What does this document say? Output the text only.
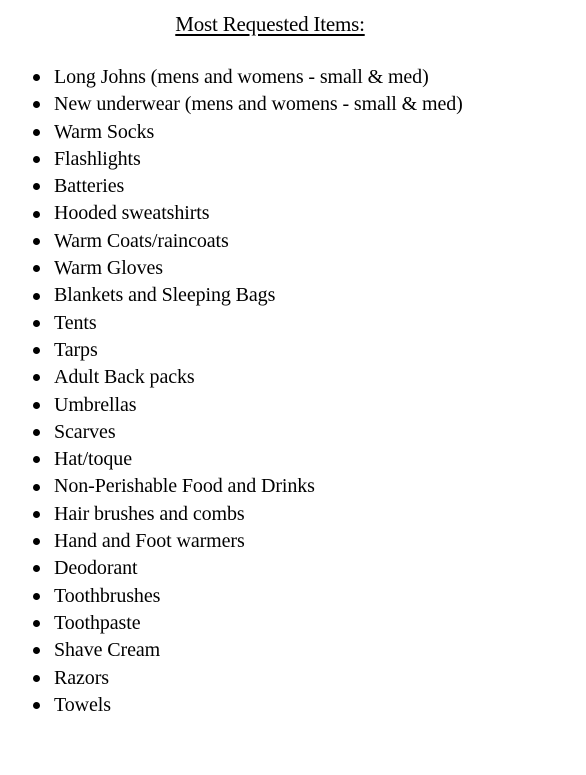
Most Requested Items:
Long Johns (mens and womens - small & med)
New underwear (mens and womens - small & med)
Warm Socks
Flashlights
Batteries
Hooded sweatshirts
Warm Coats/raincoats
Warm Gloves
Blankets and Sleeping Bags
Tents
Tarps
Adult Back packs
Umbrellas
Scarves
Hat/toque
Non-Perishable Food and Drinks
Hair brushes and combs
Hand and Foot warmers
Deodorant
Toothbrushes
Toothpaste
Shave Cream
Razors
Towels
